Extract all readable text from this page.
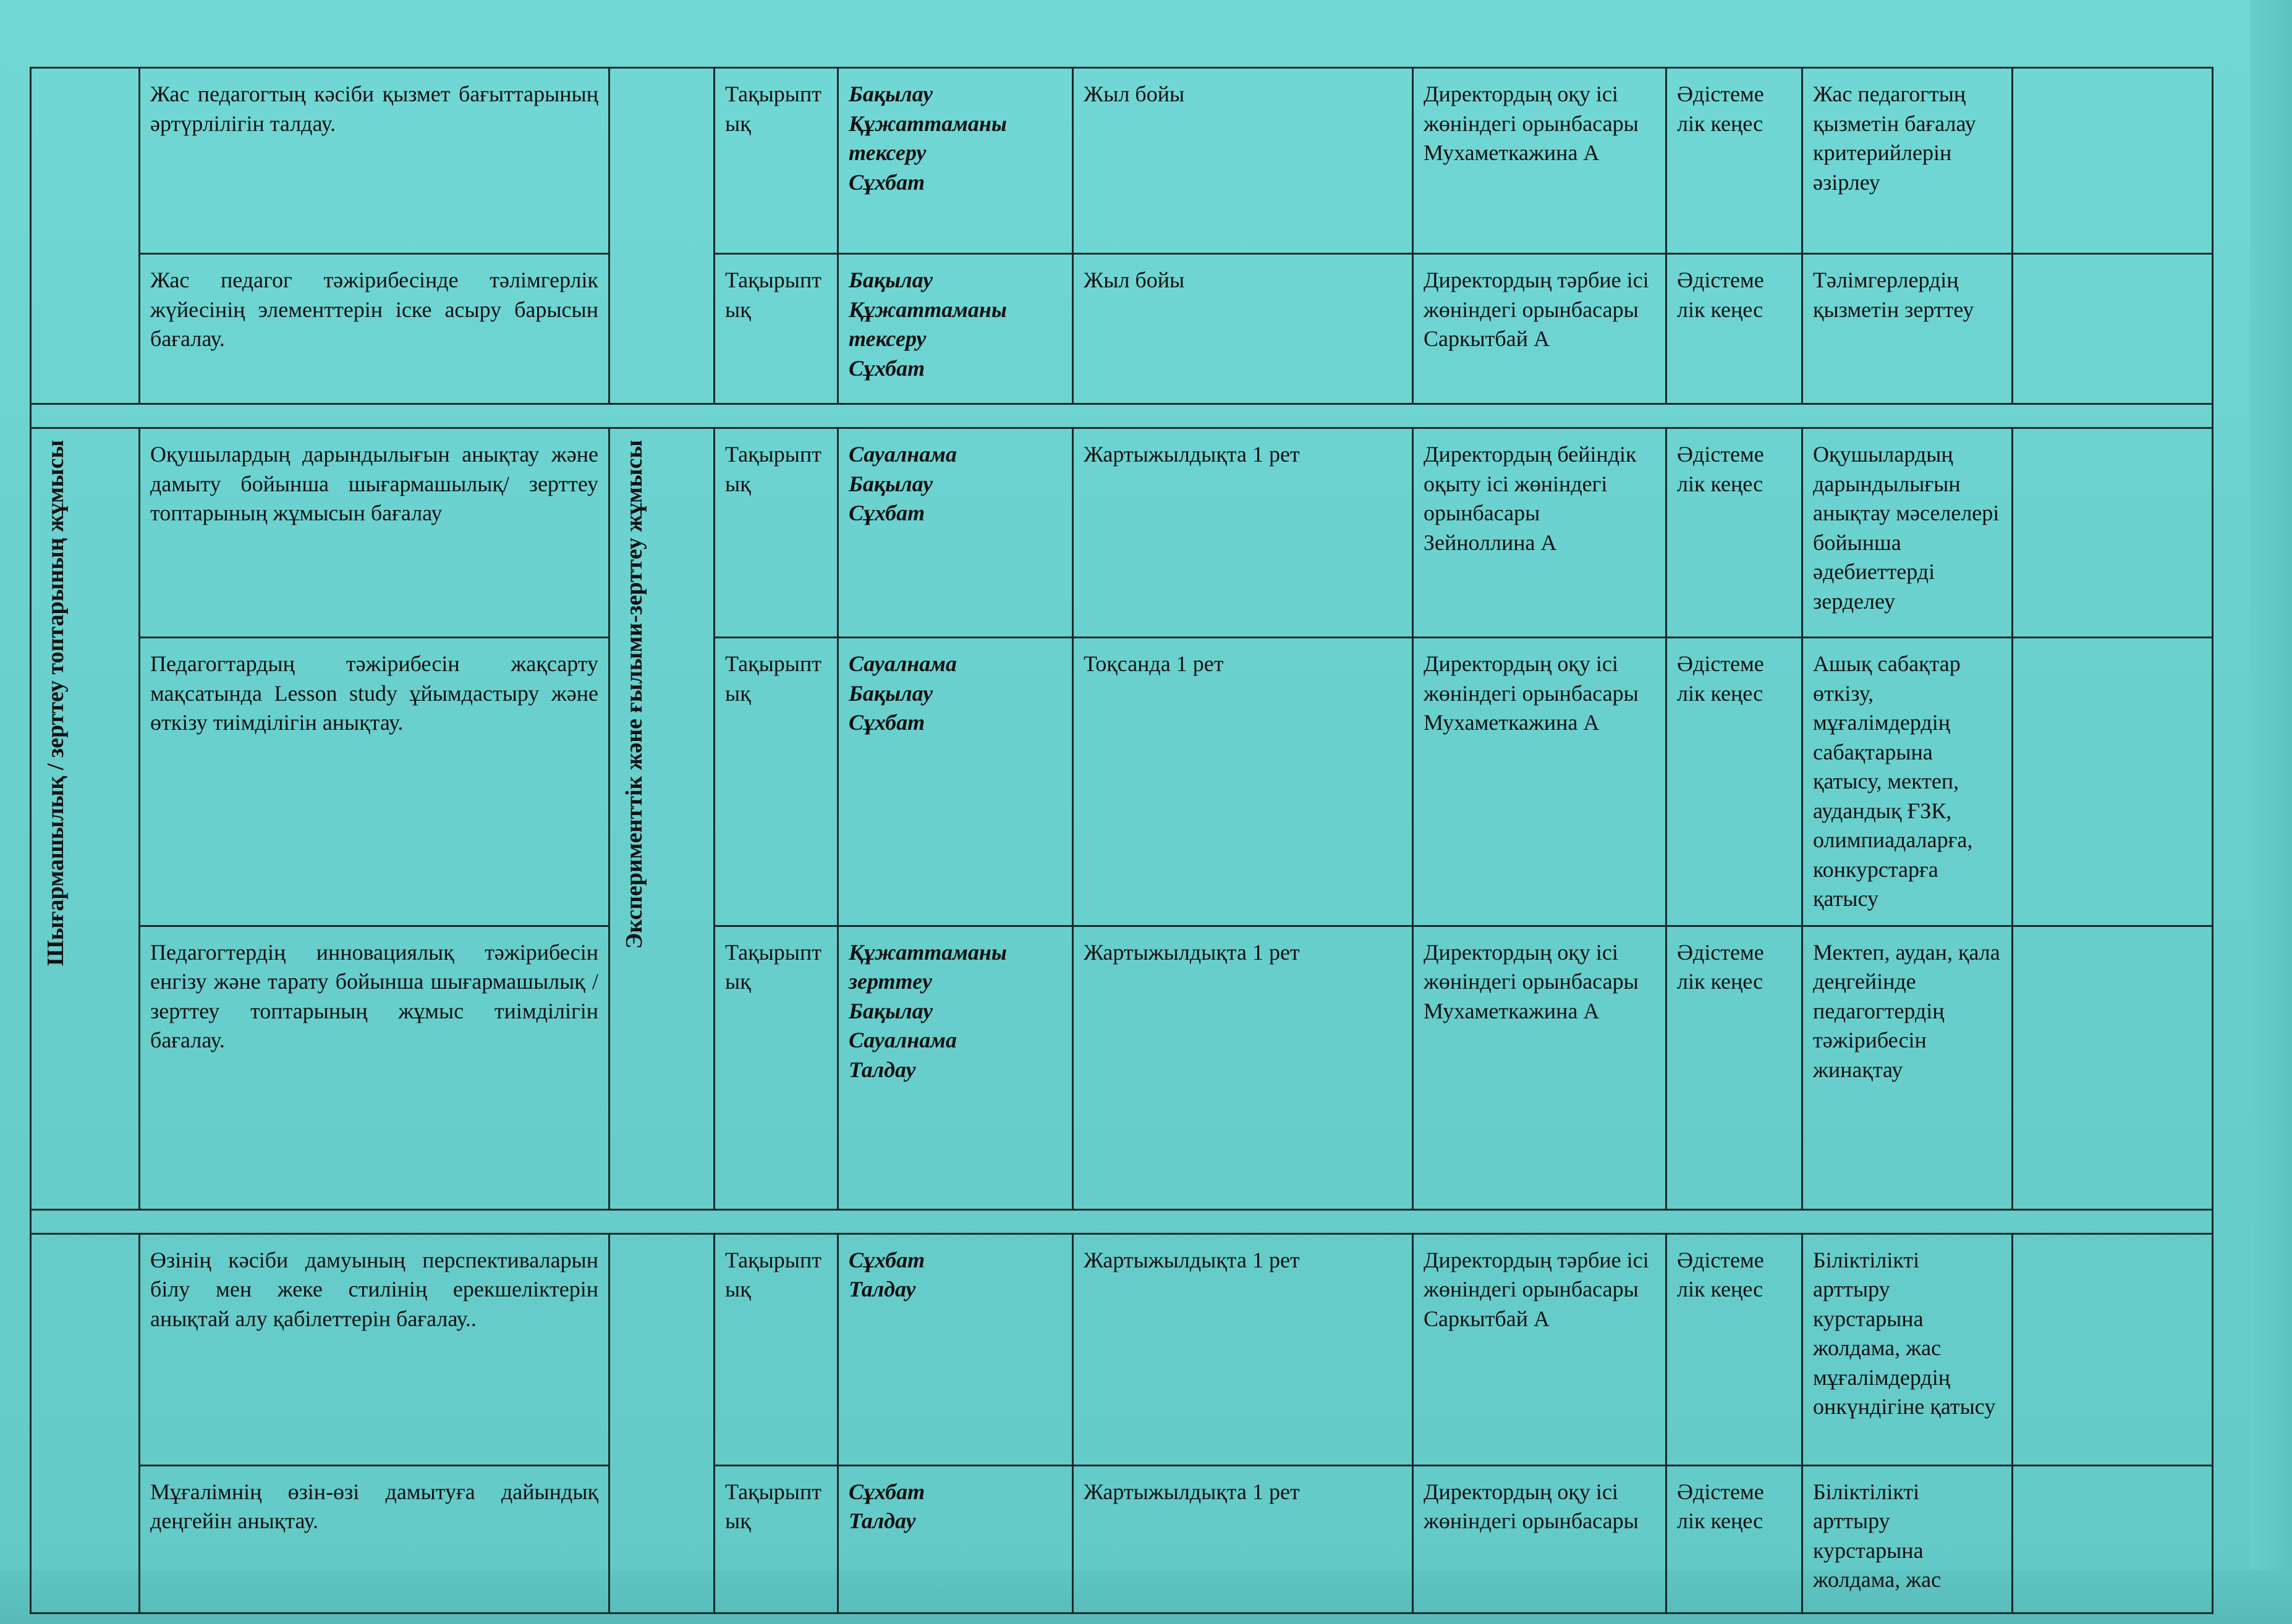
	Жас педагогтың кәсіби қызмет бағыттарының әртүрлілігін талдау.		Тақырыптық	Бақылау
Құжаттаманы тексеру
Сұхбат	Жыл бойы	Директордың оқу ісі жөніндегі орынбасары Мухаметкажина А	Әдістеме лік кеңес	Жас педагогтың қызметін бағалау критерийлерін әзірлеу	
	Жас педагог тәжірибесінде тәлімгерлік жүйесінің элементтерін іске асыру барысын бағалау.		Тақырыптық	Бақылау
Құжаттаманы тексеру
Сұхбат	Жыл бойы	Директордың тәрбие ісі жөніндегі орынбасары Саркытбай А	Әдістеме лік кеңес	Тәлімгерлердің қызметін зерттеу	

Шығармашылық / зерттеу топтарының жұмысы	Оқушылардың дарындылығын анықтау және дамыту бойынша шығармашылық/ зерттеу топтарының жұмысын бағалау	Эксперименттік және ғылыми-зерттеу жұмысы	Тақырыптық	Сауалнама
Бақылау
Сұхбат	Жартыжылдықта 1 рет	Директордың бейіндік оқыту ісі жөніндегі орынбасары Зейноллина А	Әдістеме лік кеңес	Оқушылардың дарындылығын анықтау мәселелері бойынша әдебиеттерді зерделеу	
	Педагогтардың тәжірибесін жақсарту мақсатында Lesson study ұйымдастыру және өткізу тиімділігін анықтау.		Тақырыптық	Сауалнама
Бақылау
Сұхбат	Тоқсанда 1 рет	Директордың оқу ісі жөніндегі орынбасары Мухаметкажина А	Әдістеме лік кеңес	Ашық сабақтар өткізу, мұғалімдердің сабақтарына қатысу, мектеп, аудандық ҒЗК, олимпиадаларға, конкурстарға қатысу	
	Педагогтердің инновациялық тәжірибесін енгізу және тарату бойынша шығармашылық / зерттеу топтарының жұмыс тиімділігін бағалау.		Тақырыптық	Құжаттаманы зерттеу
Бақылау
Сауалнама
Талдау	Жартыжылдықта 1 рет	Директордың оқу ісі жөніндегі орынбасары Мухаметкажина А	Әдістеме лік кеңес	Мектеп, аудан, қала деңгейінде педагогтердің тәжірибесін жинақтау	

	Өзінің кәсіби дамуының перспективаларын білу мен жеке стилінің ерекшеліктерін анықтай алу қабілеттерін бағалау..		Тақырыптық	Сұхбат
Талдау	Жартыжылдықта 1 рет	Директордың тәрбие ісі жөніндегі орынбасары Саркытбай А	Әдістеме лік кеңес	Біліктілікті арттыру курстарына жолдама, жас мұғалімдердің онкүндігіне қатысу	
	Мұғалімнің өзін-өзі дамытуға дайындық деңгейін анықтау.		Тақырыптық	Сұхбат
Талдау	Жартыжылдықта 1 рет	Директордың оқу ісі жөніндегі орынбасары	Әдістеме лік кеңес	Біліктілікті арттыру курстарына жолдама, жас	
